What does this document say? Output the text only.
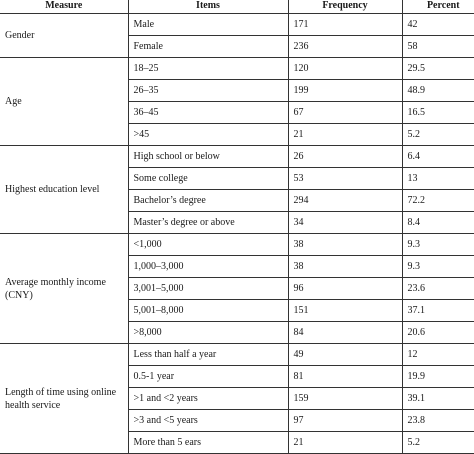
Measure	Items	Frequency	Percent
Gender	Male	171	42
	Female	236	58
Age	18–25	120	29.5
	26–35	199	48.9
	36–45	67	16.5
	>45	21	5.2
Highest education level	High school or below	26	6.4
	Some college	53	13
	Bachelor’s degree	294	72.2
	Master’s degree or above	34	8.4
Average monthly income (CNY)	<1,000	38	9.3
	1,000–3,000	38	9.3
	3,001–5,000	96	23.6
	5,001–8,000	151	37.1
	>8,000	84	20.6
Length of time using online health service	Less than half a year	49	12
	0.5-1 year	81	19.9
	>1 and <2 years	159	39.1
	>3 and <5 years	97	23.8
	More than 5 ears	21	5.2
